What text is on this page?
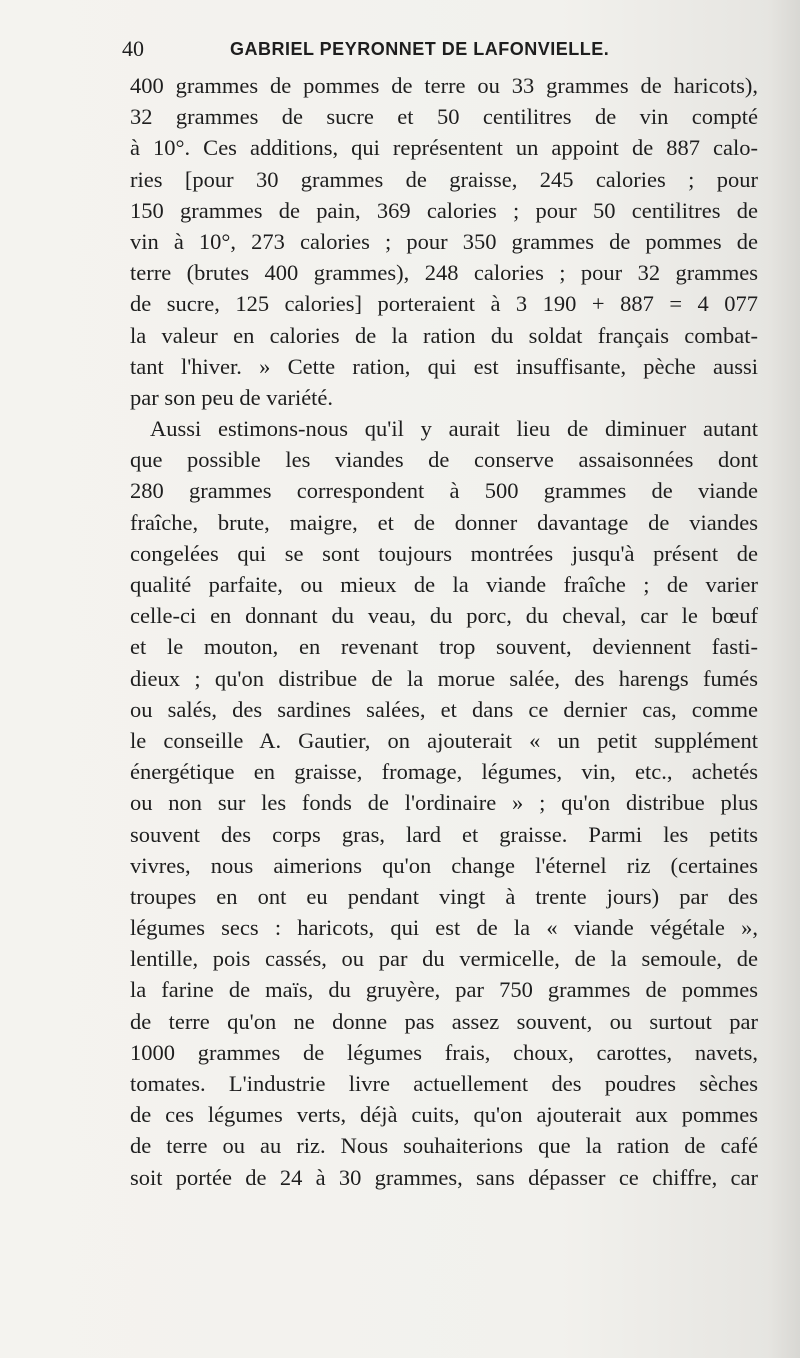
40	GABRIEL PEYRONNET DE LAFONVIELLE.
400 grammes de pommes de terre ou 33 grammes de haricots),
32 grammes de sucre et 50 centilitres de vin compté
à 10°. Ces additions, qui représentent un appoint de 887 calo-
ries [pour 30 grammes de graisse, 245 calories ; pour
150 grammes de pain, 369 calories ; pour 50 centilitres de
vin à 10°, 273 calories ; pour 350 grammes de pommes de
terre (brutes 400 grammes), 248 calories ; pour 32 grammes
de sucre, 125 calories] porteraient à 3 190 + 887 = 4 077
la valeur en calories de la ration du soldat français combat-
tant l'hiver. » Cette ration, qui est insuffisante, pèche aussi
par son peu de variété.
Aussi estimons-nous qu'il y aurait lieu de diminuer autant
que possible les viandes de conserve assaisonnées dont
280 grammes correspondent à 500 grammes de viande
fraîche, brute, maigre, et de donner davantage de viandes
congelées qui se sont toujours montrées jusqu'à présent de
qualité parfaite, ou mieux de la viande fraîche ; de varier
celle-ci en donnant du veau, du porc, du cheval, car le bœuf
et le mouton, en revenant trop souvent, deviennent fasti-
dieux ; qu'on distribue de la morue salée, des harengs fumés
ou salés, des sardines salées, et dans ce dernier cas, comme
le conseille A. Gautier, on ajouterait « un petit supplément
énergétique en graisse, fromage, légumes, vin, etc., achetés
ou non sur les fonds de l'ordinaire » ; qu'on distribue plus
souvent des corps gras, lard et graisse. Parmi les petits
vivres, nous aimerions qu'on change l'éternel riz (certaines
troupes en ont eu pendant vingt à trente jours) par des
légumes secs : haricots, qui est de la « viande végétale »,
lentille, pois cassés, ou par du vermicelle, de la semoule, de
la farine de maïs, du gruyère, par 750 grammes de pommes
de terre qu'on ne donne pas assez souvent, ou surtout par
1000 grammes de légumes frais, choux, carottes, navets,
tomates. L'industrie livre actuellement des poudres sèches
de ces légumes verts, déjà cuits, qu'on ajouterait aux pommes
de terre ou au riz. Nous souhaiterions que la ration de café
soit portée de 24 à 30 grammes, sans dépasser ce chiffre, car
